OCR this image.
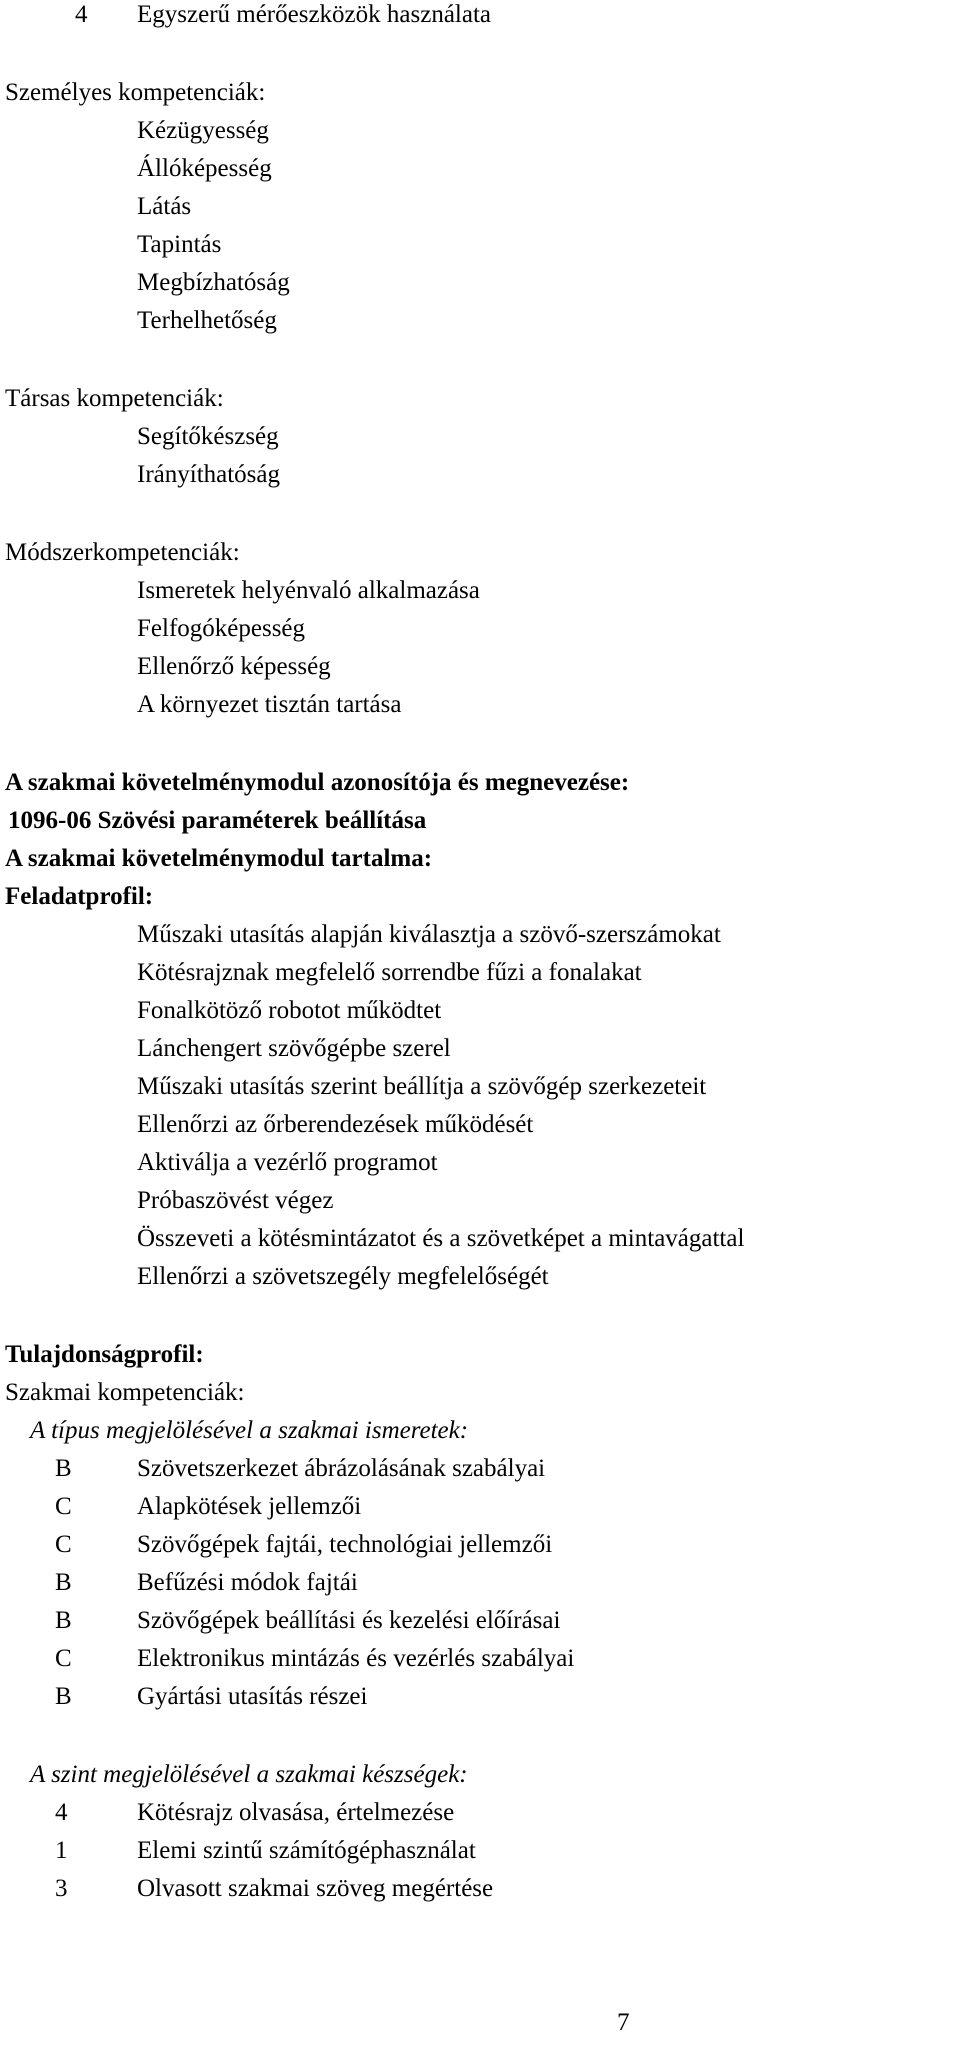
4	Egyszerű mérőeszközök használata
Személyes kompetenciák:
Kézügyesség
Állóképesség
Látás
Tapintás
Megbízhatóság
Terhelhetőség
Társas kompetenciák:
Segítőkészség
Irányíthatóság
Módszerkompetenciák:
Ismeretek helyénvaló alkalmazása
Felfogóképesség
Ellenőrző képesség
A környezet tisztán tartása
A szakmai követelménymodul azonosítója és megnevezése:
1096-06 Szövési paraméterek beállítása
A szakmai követelménymodul tartalma:
Feladatprofil:
Műszaki utasítás alapján kiválasztja a szövő-szerszámokat
Kötésrajznak megfelelő sorrendbe fűzi a fonalakat
Fonalkötöző robotot működtet
Lánchengert szövőgépbe szerel
Műszaki utasítás szerint beállítja a szövőgép szerkezeteit
Ellenőrzi az őrberendezések működését
Aktiválja a vezérlő programot
Próbaszövést végez
Összeveti a kötésmintázatot és a szövetképet a mintavágattal
Ellenőrzi a szövetszegély megfelelőségét
Tulajdonságprofil:
Szakmai kompetenciák:
A típus megjelölésével a szakmai ismeretek:
B	Szövetszerkezet ábrázolásának szabályai
C	Alapkötések jellemzői
C	Szövőgépek fajtái, technológiai jellemzői
B	Befűzési módok fajtái
B	Szövőgépek beállítási és kezelési előírásai
C	Elektronikus mintázás és vezérlés szabályai
B	Gyártási utasítás részei
A szint megjelölésével a szakmai készségek:
4	Kötésrajz olvasása, értelmezése
1	Elemi szintű számítógéphasználat
3	Olvasott szakmai szöveg megértése
7
